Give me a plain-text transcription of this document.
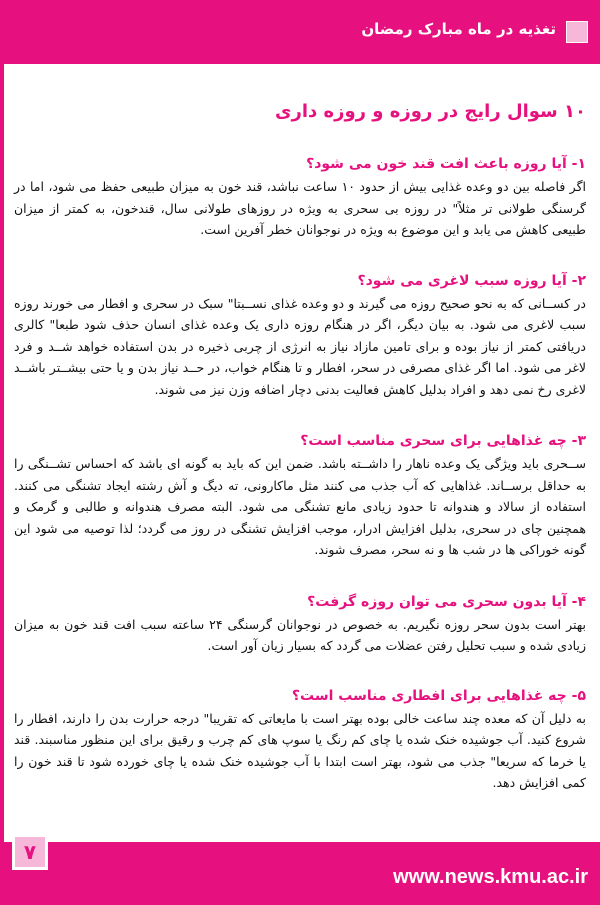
تغذیه در ماه مبارک رمضان
۱۰ سوال رایج در روزه و روزه داری
۱- آیا روزه باعث افت قند خون می شود؟

اگر فاصله بین دو وعده غذایی بیش از حدود ۱۰ ساعت نباشد، قند خون به میزان طبیعی حفظ می شود، اما در گرسنگی طولانی تر مثلاً" در روزه بی سحری به ویژه در روزهای طولانی سال، قندخون، به کمتر از میزان طبیعی کاهش می یابد و این موضوع به ویژه در نوجوانان خطر آفرین است.

۲- آیا روزه سبب لاغری می شود؟

در کســانی که به نحو صحیح روزه می گیرند و دو وعده غذای نســبتا" سبک در سحری و افطار می خورند روزه سبب لاغری می شود. به بیان دیگر، اگر در هنگام روزه داری یک وعده غذای انسان حذف شود طبعا" کالری دریافتی کمتر از نیاز بوده و برای تامین مازاد نیاز به انرژی از چربی ذخیره در بدن استفاده خواهد شــد و فرد لاغر می شود. اما اگر غذای مصرفی در سحر، افطار و تا هنگام خواب، در حــد نیاز بدن و یا حتی بیشــتر باشــد لاغری رخ نمی دهد و افراد بدلیل کاهش فعالیت بدنی دچار اضافه وزن نیز می شوند.

۳- چه غذاهایی برای سحری مناسب است؟

ســحری باید ویژگی یک وعده ناهار را داشــته باشد. ضمن این که باید به گونه ای باشد که احساس تشــنگی را به حداقل برســاند. غذاهایی که آب جذب می کنند مثل ماکارونی، ته دیگ و آش رشته ایجاد تشنگی می کنند. استفاده از سالاد و هندوانه تا حدود زیادی مانع تشنگی می شود. البته مصرف هندوانه و طالبی و گرمک و همچنین چای در سحری، بدلیل افزایش ادرار، موجب افزایش تشنگی در روز می گردد؛ لذا توصیه می شود این گونه خوراکی ها در شب ها و نه سحر، مصرف شوند.

۴- آیا بدون سحری می توان روزه گرفت؟

بهتر است بدون سحر روزه نگیریم. به خصوص در نوجوانان گرسنگی ۲۴ ساعته سبب افت قند خون به میزان زیادی شده و سبب تحلیل رفتن عضلات می گردد که بسیار زیان آور است.

۵- چه غذاهایی برای افطاری مناسب است؟

به دلیل آن که معده چند ساعت خالی بوده بهتر است با مایعاتی که تقریبا" درجه حرارت بدن را دارند، افطار را شروع کنید. آب جوشیده خنک شده یا چای کم رنگ یا سوپ های کم چرب و رقیق برای این منظور مناسبند. قند یا خرما که سریعا" جذب می شود، بهتر است ابتدا با آب جوشیده خنک شده یا چای خورده شود تا قند خون را کمی افزایش دهد.

۷
www.news.kmu.ac.ir
